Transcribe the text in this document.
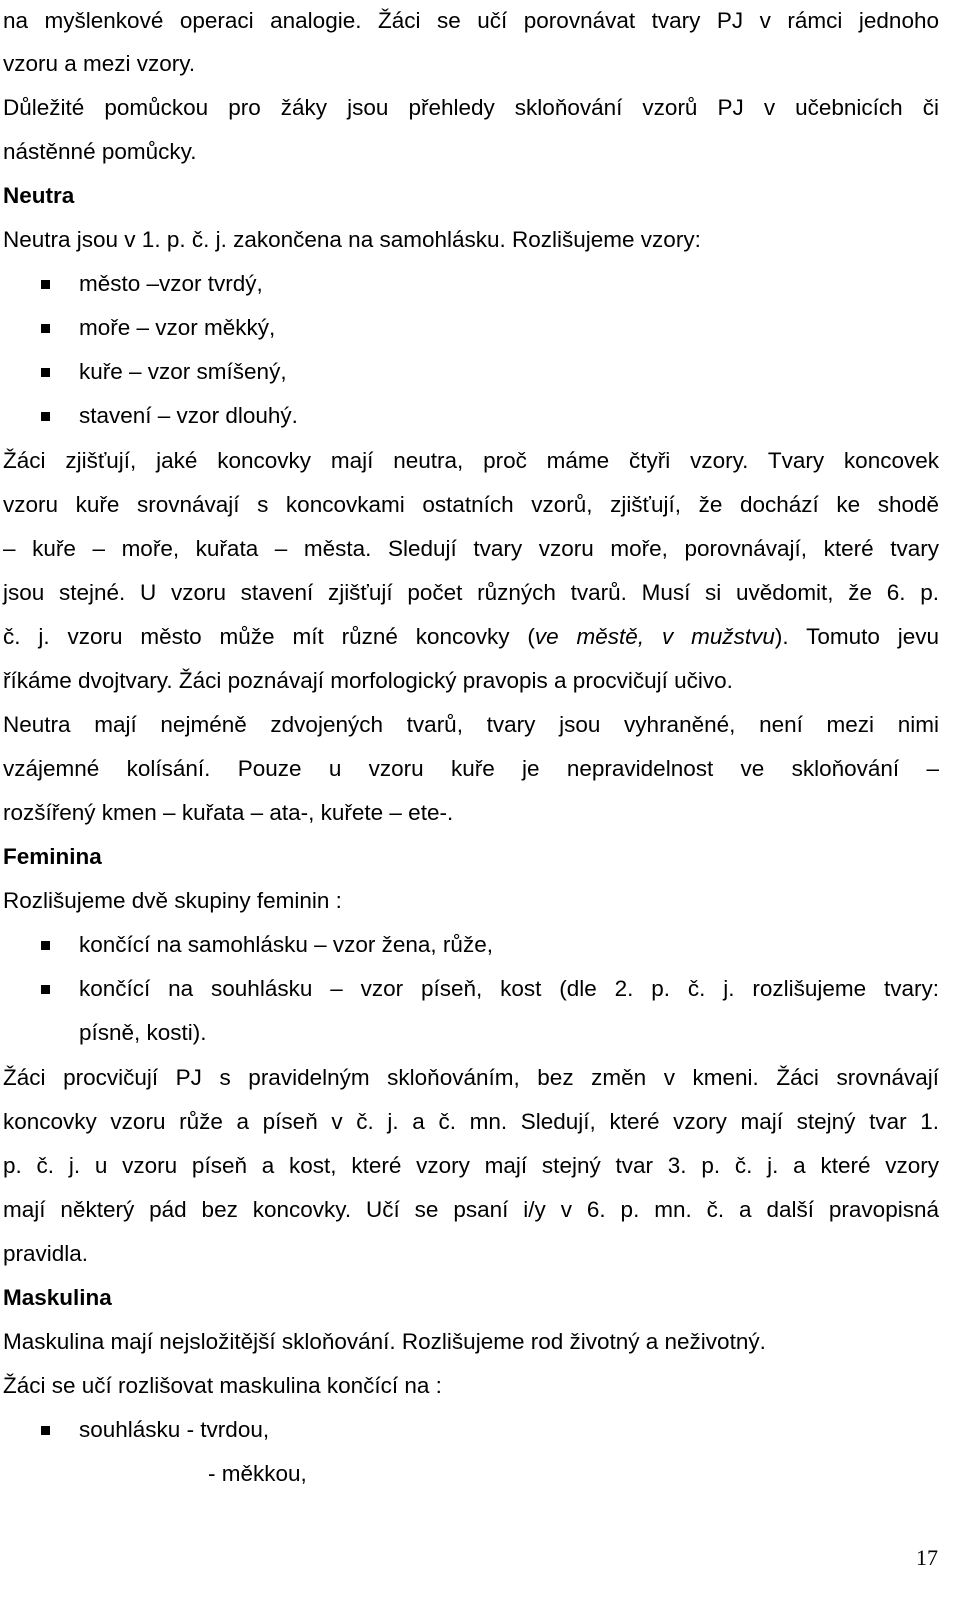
na myšlenkové operaci analogie. Žáci se učí porovnávat tvary PJ v rámci jednoho
vzoru a mezi vzory.
Důležité pomůckou pro žáky jsou přehledy skloňování vzorů PJ v učebnicích či
nástěnné pomůcky.
Neutra
Neutra jsou v 1. p. č. j. zakončena na samohlásku. Rozlišujeme vzory:
město –vzor tvrdý,
moře – vzor měkký,
kuře – vzor smíšený,
stavení – vzor dlouhý.
Žáci zjišťují, jaké koncovky mají neutra, proč máme čtyři vzory. Tvary koncovek
vzoru kuře srovnávají s koncovkami ostatních vzorů, zjišťují, že dochází ke shodě
– kuře – moře, kuřata – města. Sledují tvary vzoru moře, porovnávají, které tvary
jsou stejné. U vzoru stavení zjišťují počet různých tvarů. Musí si uvědomit, že 6. p.
č. j. vzoru město může mít různé koncovky (ve městě, v mužstvu). Tomuto jevu
říkáme dvojtvary. Žáci poznávají morfologický pravopis a procvičují učivo.
Neutra mají nejméně zdvojených tvarů, tvary jsou vyhraněné, není mezi nimi
vzájemné kolísání. Pouze u vzoru kuře je nepravidelnost ve skloňování –
rozšířený kmen – kuřata – ata-, kuřete – ete-.
Feminina
Rozlišujeme dvě skupiny feminin :
končící na samohlásku – vzor žena, růže,
končící na souhlásku – vzor píseň, kost (dle 2. p. č. j. rozlišujeme tvary:
písně, kosti).
Žáci procvičují PJ s pravidelným skloňováním, bez změn v kmeni. Žáci srovnávají
koncovky vzoru růže a píseň v č. j. a č. mn. Sledují, které vzory mají stejný tvar 1.
p. č. j. u vzoru píseň a kost, které vzory mají stejný tvar 3. p. č. j. a které vzory
mají některý pád bez koncovky. Učí se psaní i/y v 6. p. mn. č. a další pravopisná
pravidla.
Maskulina
Maskulina mají nejsložitější skloňování. Rozlišujeme rod životný a neživotný.
Žáci se učí rozlišovat maskulina končící na :
souhlásku - tvrdou,
- měkkou,
17
